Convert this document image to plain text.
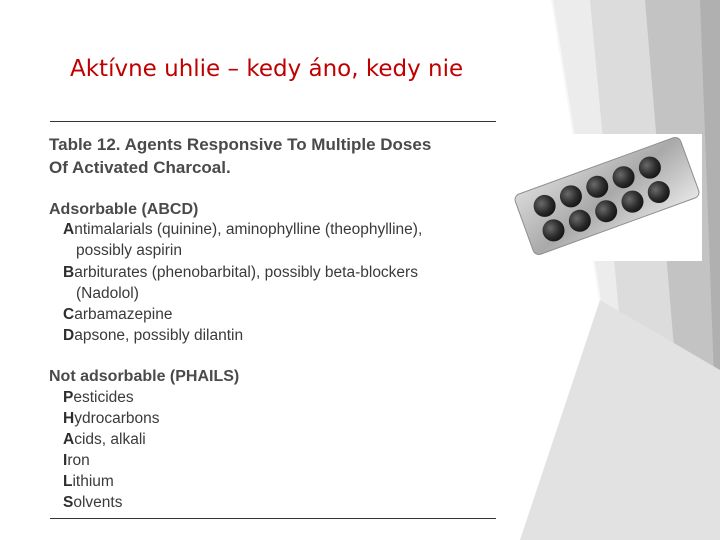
Aktívne uhlie – kedy áno, kedy nie
Table 12. Agents Responsive To Multiple Doses
Of Activated Charcoal.
Adsorbable (ABCD)
Antimalarials (quinine), aminophylline (theophylline),
possibly aspirin
Barbiturates (phenobarbital), possibly beta-blockers
(Nadolol)
Carbamazepine
Dapsone, possibly dilantin
Not adsorbable (PHAILS)
Pesticides
Hydrocarbons
Acids, alkali
Iron
Lithium
Solvents
